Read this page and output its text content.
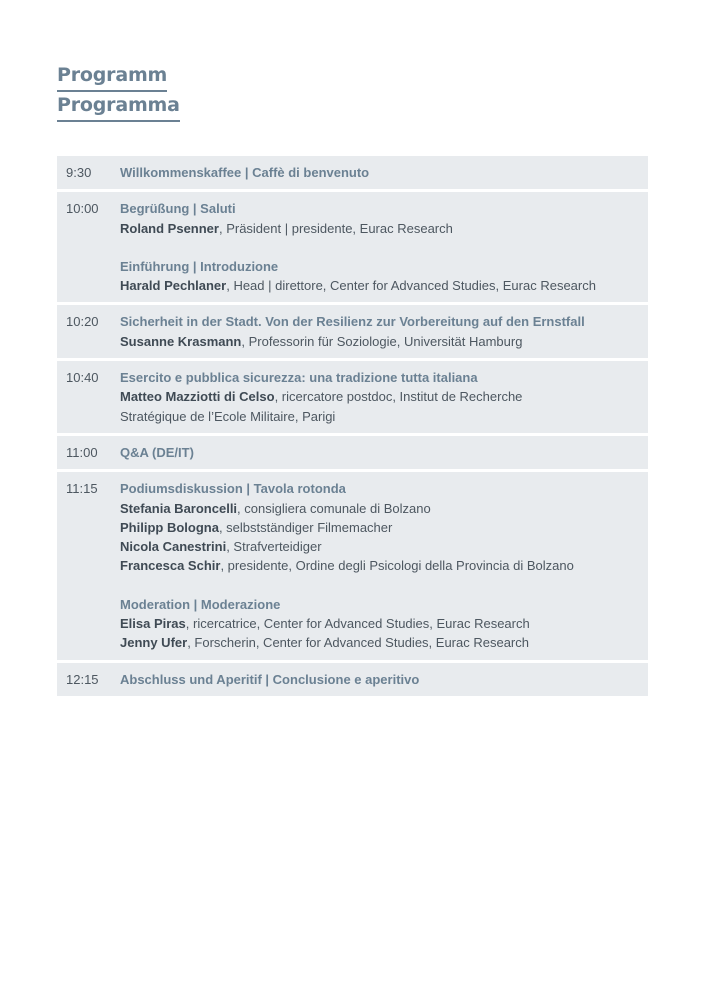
Programm
Programma
9:30	Willkommenskaffee | Caffè di benvenuto
10:00	Begrüßung | Saluti
Roland Psenner, Präsident | presidente, Eurac Research
Einführung | Introduzione
Harald Pechlaner, Head | direttore, Center for Advanced Studies, Eurac Research
10:20	Sicherheit in der Stadt. Von der Resilienz zur Vorbereitung auf den Ernstfall
Susanne Krasmann, Professorin für Soziologie, Universität Hamburg
10:40	Esercito e pubblica sicurezza: una tradizione tutta italiana
Matteo Mazziotti di Celso, ricercatore postdoc, Institut de Recherche
Stratégique de l’Ecole Militaire, Parigi
11:00	Q&A (DE/IT)
11:15	Podiumsdiskussion | Tavola rotonda
Stefania Baroncelli, consigliera comunale di Bolzano
Philipp Bologna, selbstständiger Filmemacher
Nicola Canestrini, Strafverteidiger
Francesca Schir, presidente, Ordine degli Psicologi della Provincia di Bolzano
Moderation | Moderazione
Elisa Piras, ricercatrice, Center for Advanced Studies, Eurac Research
Jenny Ufer, Forscherin, Center for Advanced Studies, Eurac Research
12:15	Abschluss und Aperitif | Conclusione e aperitivo
